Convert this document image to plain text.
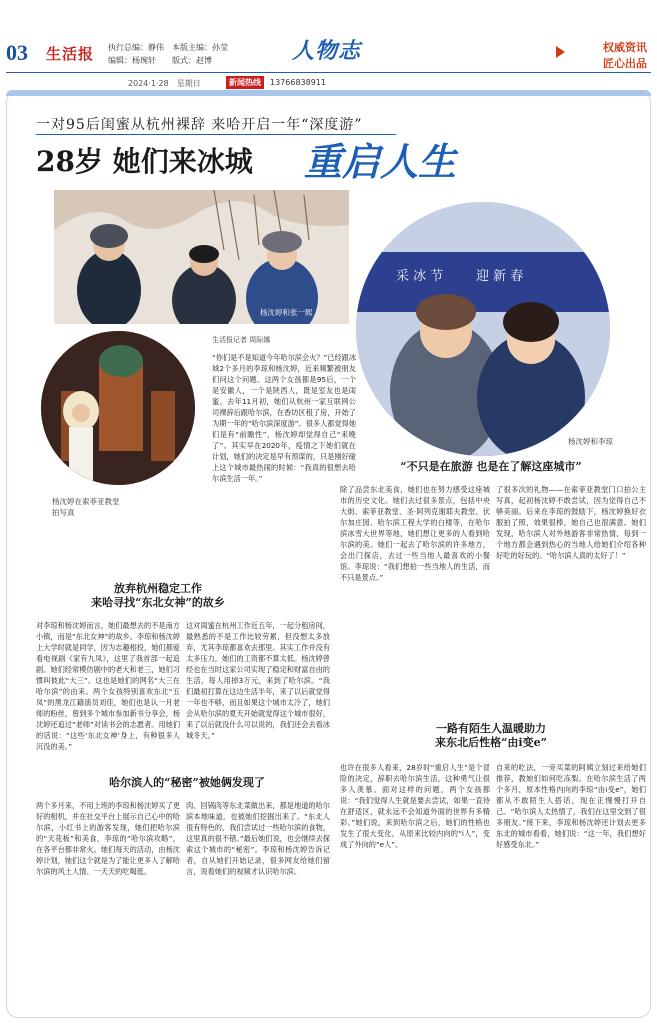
03 生活报 执行总编：静伟 本版主编：孙莹
编辑：杨琬轩 版式：赵博	人物志	权威资讯
匠心出品
2024·1·28　星期日	新闻热线	13766838911
一对95后闺蜜从杭州裸辞 来哈开启一年“深度游”
28岁 她们来冰城 重启人生
杨沈婷和张一熙
杨沈婷在索菲亚教堂拍写真
采 冰 节	迎 新 春
杨沈婷和李琼
生活报记者 周际娜
“你们是不是知道今年哈尔滨会火？”已经跟冰城2个多月的李琼和杨沈婷，近来频繁被朋友们问这个问题。这两个女孩都是95后，一个是安徽人，一个是陕西人，既是室友也是闺蜜。去年11月初，她们从杭州一家互联网公司裸辞后跟哈尔滨，在香坊区租了房，开始了为期一年的“哈尔滨深度游”。很多人都觉得她们是有“前瞻性”，杨沈婷却觉得自己“来晚了”。其实早在2020年，疫情之下她们就在计划，她们的决定是早有预谋的，只是刚好碰上这个城市最热闹的时候：“我真的很想去哈尔滨生活一年。”
放弃杭州稳定工作
来哈寻找“东北女神”的故乡
对李琼和杨沈婷而言，她们最想去的不是南方小镇，而是“东北女神”的故乡。李琼和杨沈婷上大学时就是同学，因为志趣相投，她们都爱看电视剧《家有九凤》，这里了我首部一起追剧。她们经常模仿剧中的老大和老三，她们习惯叫彼此“大三”。这也是她们的网名“大三在哈尔滨”的由来。两个女孩特别喜欢东北“五凤”的黑龙江籍演员刘佳，她们也是认一月老师的粉丝，曾到多个城市参加新书分享会，杨沈婷还追过“老师”对读书会的志愿者。用她们的话说：“这些‘东北女神’身上，有种很多人沉没的美。”
这对闺蜜在杭州工作近五年，一起分租房间，最熟悉的不是工作比较劳累，但没想太多放弃，尤其李琼都喜欢去那里。其实工作并没有太多压力，她们的工资都不算太低。杨沈婷曾经也在当时这家公司实现了稳定和财富自由的生活，每人用掉3万元，来到了哈尔滨。“我们最初打算在这边生活半年，来了以后就觉得一年也不够，而且如果这个城市太冷了，她们会从哈尔滨的夏天开始就觉得这个城市很好，来了以后就没什么可以说的，我们还会去看冰城冬天。”
哈尔滨人的“秘密”被她俩发现了
两个多月来，不用上班的李琼和杨沈婷买了更好的相机，并在社交平台上展示自己心中的哈尔滨，小红书上的游客发现，她们把哈尔滨的“天花板”和美食，李琼的“哈尔滨攻略”，在各平台都非常火。她们每天的活动，由杨沈婷计划，她们这个就是为了能让更多人了解哈尔滨的风土人情、一天天的吃喝逛。
肉、回锅肉等东北菜做出来，都是地道的哈尔滨本地味道，也被她们挖掘出来了。“东北人很有特色的，我们尝试过一些哈尔滨的食物，这里真的很不错。”最后她们说，也会继续去探索这个城市的“秘密”。李琼和杨沈婷告诉记者，自从她们开始记录，很多网友给她们留言，说看她们的视频才认识哈尔滨。
“不只是在旅游 也是在了解这座城市”
除了品尝东北美食，她们也在努力感受这座城市的历史文化。她们去过很多景点，包括中央大街、索菲亚教堂、圣·阿列克谢耶夫教堂、伏尔加庄园、哈尔滨工程大学的白楼等，在哈尔滨冰雪大世界等地，她们想让更多的人看到哈尔滨的美。她们一起去了哈尔滨的许多地方，会出门探店，去过一些当地人最喜欢的小餐馆。李琼说：“我们想拍一些当地人的生活，而不只是景点。”
了很多次的礼物——在索菲亚教堂门口拍公主写真，起初杨沈婷不敢尝试，因为觉得自己不够美丽。后来在李琼的鼓励下，杨沈婷换好衣服拍了照，效果很棒，她自己也很满意。她们发现，哈尔滨人对外地游客非常热情，每到一个地方都会遇到热心的当地人给她们介绍各种好吃的好玩的。“哈尔滨人真的太好了！”
一路有陌生人温暖助力
来东北后性格“由i变e”
也许在很多人看来，28岁时“重启人生”是个冒险的决定，辞职去哈尔滨生活，这种勇气让很多人羡慕。面对这样的问题，两个女孩都说：“我们觉得人生就是要去尝试，如果一直待在舒适区，就永远不会知道外面的世界有多精彩。”她们说，来到哈尔滨之后，她们的性格也发生了很大变化，从原来比较内向的“i人”，变成了外向的“e人”。
自来的吃法，一旁买菜的阿姨立刻过来给她们推荐，教她们如何吃冻梨。在哈尔滨生活了两个多月，原本性格内向的李琼“由i变e”，她们都从不敢陌生人搭话，现在正慢慢打开自己。“哈尔滨人太热情了，我们在这里交到了很多朋友。”接下来，李琼和杨沈婷还计划去更多东北的城市看看，她们说：“这一年，我们想好好感受东北。”
